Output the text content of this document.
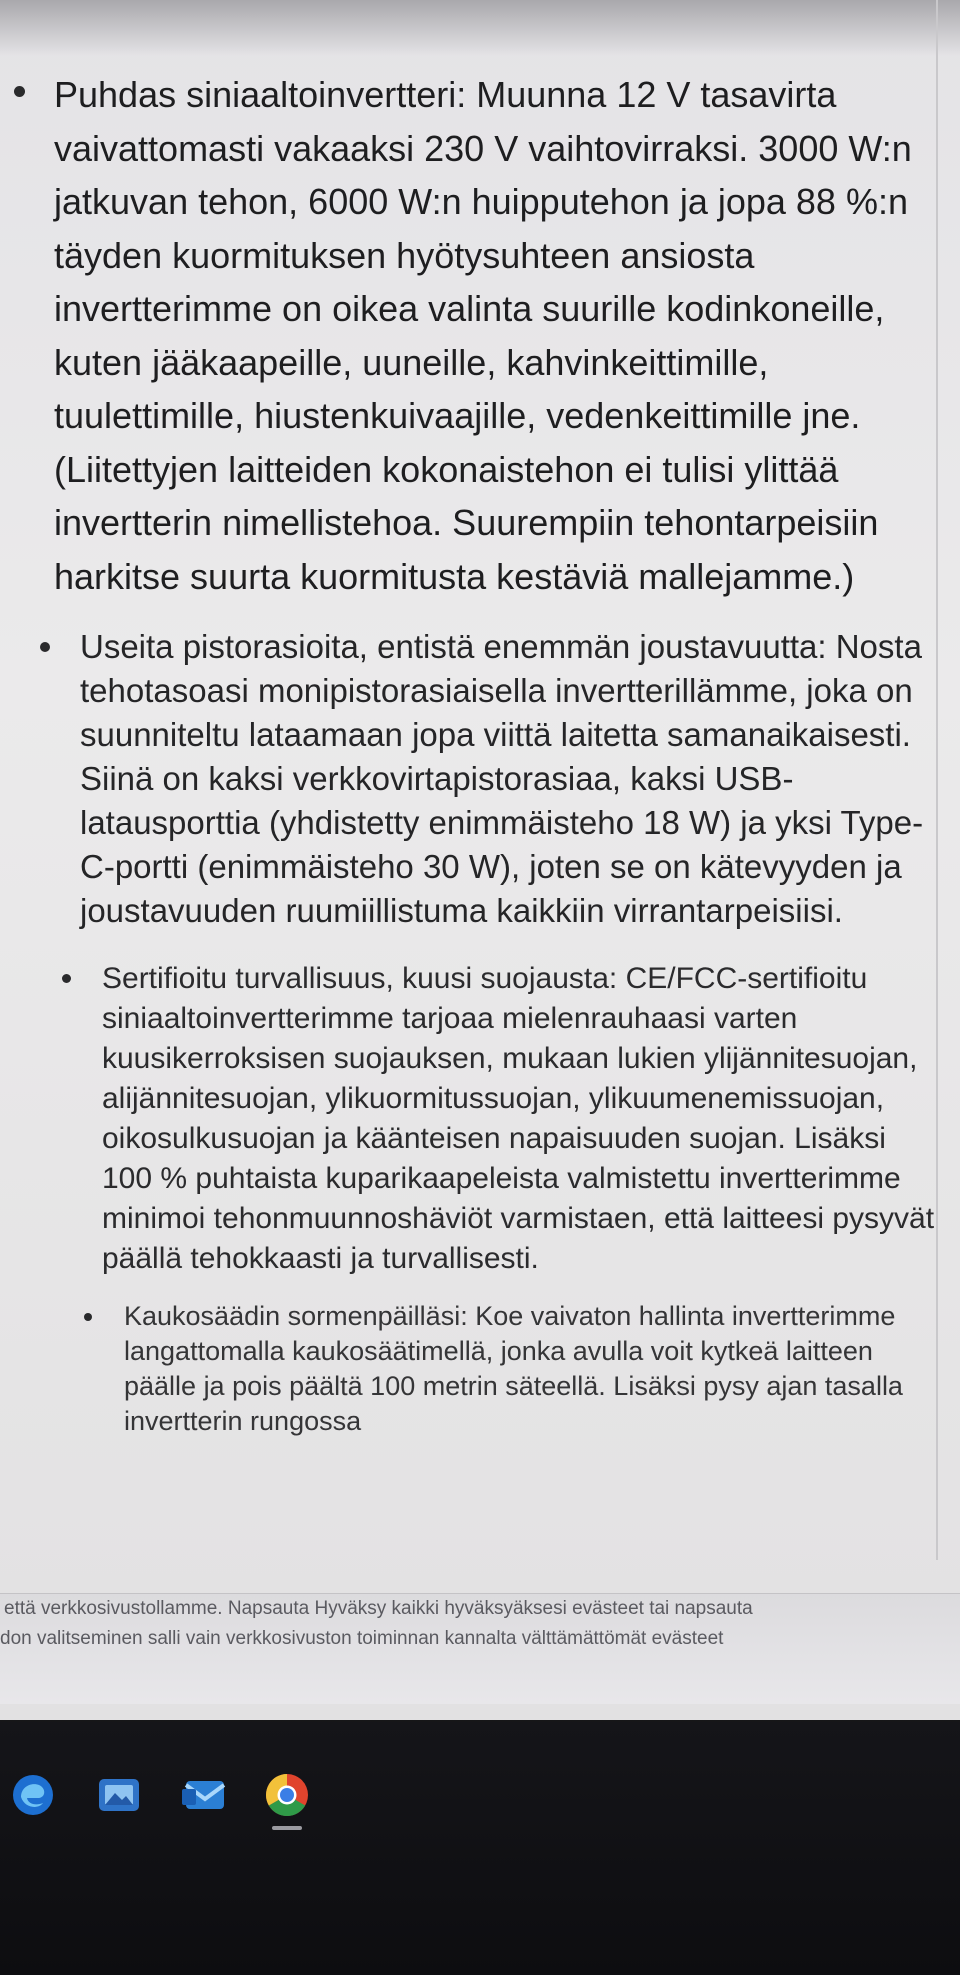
Puhdas siniaaltoinvertteri: Muunna 12 V tasavirta vaivattomasti vakaaksi 230 V vaihtovirraksi. 3000 W:n jatkuvan tehon, 6000 W:n huipputehon ja jopa 88 %:n täyden kuormituksen hyötysuhteen ansiosta invertterimme on oikea valinta suurille kodinkoneille, kuten jääkaapeille, uuneille, kahvinkeittimille, tuulettimille, hiustenkuivaajille, vedenkeittimille jne. (Liitettyjen laitteiden kokonaistehon ei tulisi ylittää invertterin nimellistehoa. Suurempiin tehontarpeisiin harkitse suurta kuormitusta kestäviä mallejamme.)
Useita pistorasioita, entistä enemmän joustavuutta: Nosta tehotasoasi monipistorasiaisella invertterillämme, joka on suunniteltu lataamaan jopa viittä laitetta samanaikaisesti. Siinä on kaksi verkkovirtapistorasiaa, kaksi USB-latausporttia (yhdistetty enimmäisteho 18 W) ja yksi Type-C-portti (enimmäisteho 30 W), joten se on kätevyyden ja joustavuuden ruumiillistuma kaikkiin virrantarpeisiisi.
Sertifioitu turvallisuus, kuusi suojausta: CE/FCC-sertifioitu siniaaltoinvertterimme tarjoaa mielenrauhaasi varten kuusikerroksisen suojauksen, mukaan lukien ylijännitesuojan, alijännitesuojan, ylikuormitussuojan, ylikuumenemissuojan, oikosulkusuojan ja käänteisen napaisuuden suojan. Lisäksi 100 % puhtaista kuparikaapeleista valmistettu invertterimme minimoi tehonmuunnoshäviöt varmistaen, että laitteesi pysyvät päällä tehokkaasti ja turvallisesti.
Kaukosäädin sormenpäilläsi: Koe vaivaton hallinta invertterimme langattomalla kaukosäätimellä, jonka avulla voit kytkeä laitteen päälle ja pois päältä 100 metrin säteellä. Lisäksi pysy ajan tasalla invertterin rungossa

että verkkosivustollamme. Napsauta Hyväksy kaikki hyväksyäksesi evästeet tai napsauta

don valitseminen salli vain verkkosivuston toiminnan kannalta välttämättömät evästeet
